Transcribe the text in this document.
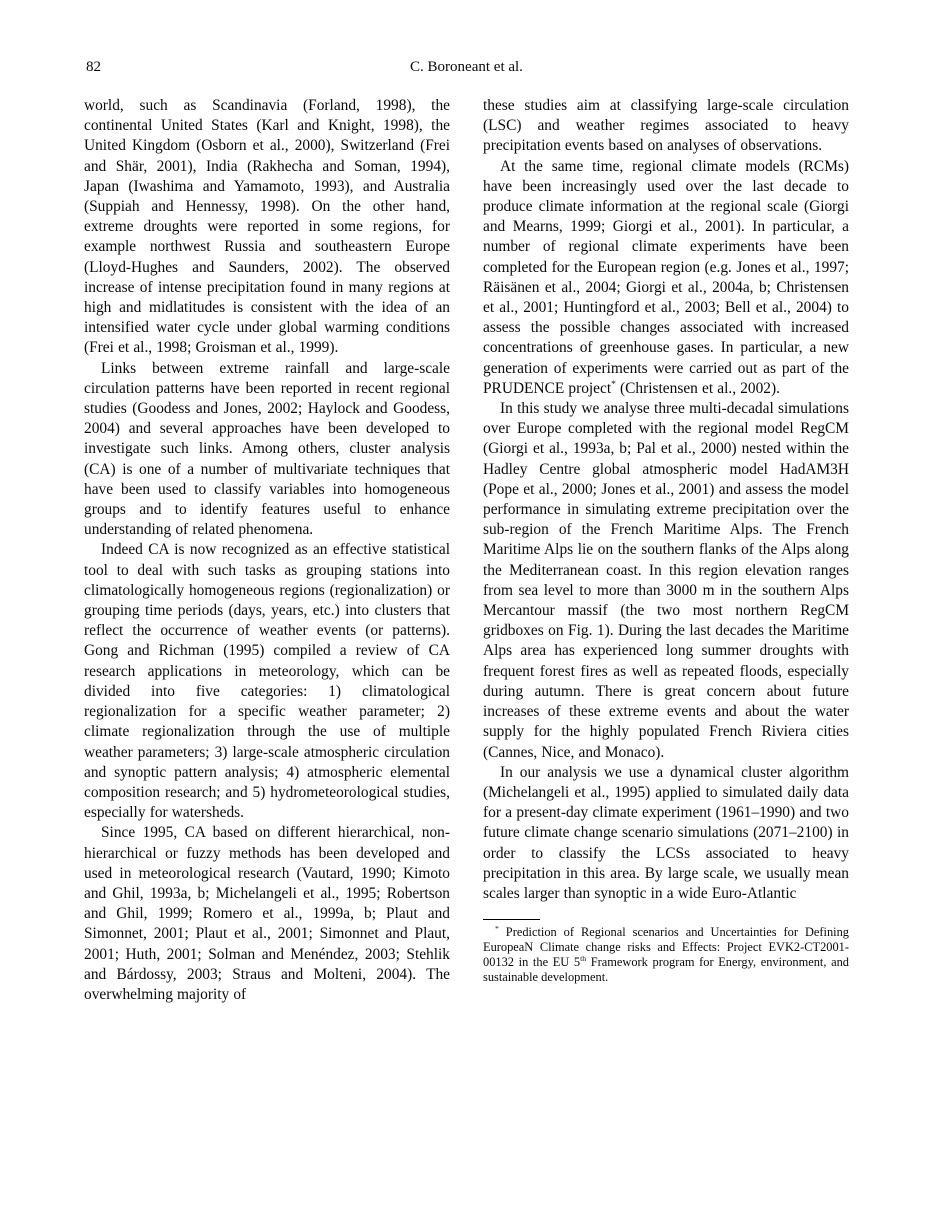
82	C. Boroneant et al.

world, such as Scandinavia (Forland, 1998), the continental United States (Karl and Knight, 1998), the United Kingdom (Osborn et al., 2000), Switzerland (Frei and Shär, 2001), India (Rakhecha and Soman, 1994), Japan (Iwashima and Yamamoto, 1993), and Australia (Suppiah and Hennessy, 1998). On the other hand, extreme droughts were reported in some regions, for example northwest Russia and southeastern Europe (Lloyd-Hughes and Saunders, 2002). The observed increase of intense precipitation found in many regions at high and midlatitudes is consistent with the idea of an intensified water cycle under global warming conditions (Frei et al., 1998; Groisman et al., 1999).

Links between extreme rainfall and large-scale circulation patterns have been reported in recent regional studies (Goodess and Jones, 2002; Haylock and Goodess, 2004) and several approaches have been developed to investigate such links. Among others, cluster analysis (CA) is one of a number of multivariate techniques that have been used to classify variables into homogeneous groups and to identify features useful to enhance understanding of related phenomena.

Indeed CA is now recognized as an effective statistical tool to deal with such tasks as grouping stations into climatologically homogeneous regions (regionalization) or grouping time periods (days, years, etc.) into clusters that reflect the occurrence of weather events (or patterns). Gong and Richman (1995) compiled a review of CA research applications in meteorology, which can be divided into five categories: 1) climatological regionalization for a specific weather parameter; 2) climate regionalization through the use of multiple weather parameters; 3) large-scale atmospheric circulation and synoptic pattern analysis; 4) atmospheric elemental composition research; and 5) hydrometeorological studies, especially for watersheds.

Since 1995, CA based on different hierarchical, non-hierarchical or fuzzy methods has been developed and used in meteorological research (Vautard, 1990; Kimoto and Ghil, 1993a, b; Michelangeli et al., 1995; Robertson and Ghil, 1999; Romero et al., 1999a, b; Plaut and Simonnet, 2001; Plaut et al., 2001; Simonnet and Plaut, 2001; Huth, 2001; Solman and Menéndez, 2003; Stehlik and Bárdossy, 2003; Straus and Molteni, 2004). The overwhelming majority of

these studies aim at classifying large-scale circulation (LSC) and weather regimes associated to heavy precipitation events based on analyses of observations.

At the same time, regional climate models (RCMs) have been increasingly used over the last decade to produce climate information at the regional scale (Giorgi and Mearns, 1999; Giorgi et al., 2001). In particular, a number of regional climate experiments have been completed for the European region (e.g. Jones et al., 1997; Räisänen et al., 2004; Giorgi et al., 2004a, b; Christensen et al., 2001; Huntingford et al., 2003; Bell et al., 2004) to assess the possible changes associated with increased concentrations of greenhouse gases. In particular, a new generation of experiments were carried out as part of the PRUDENCE project* (Christensen et al., 2002).

In this study we analyse three multi-decadal simulations over Europe completed with the regional model RegCM (Giorgi et al., 1993a, b; Pal et al., 2000) nested within the Hadley Centre global atmospheric model HadAM3H (Pope et al., 2000; Jones et al., 2001) and assess the model performance in simulating extreme precipitation over the sub-region of the French Maritime Alps. The French Maritime Alps lie on the southern flanks of the Alps along the Mediterranean coast. In this region elevation ranges from sea level to more than 3000 m in the southern Alps Mercantour massif (the two most northern RegCM gridboxes on Fig. 1). During the last decades the Maritime Alps area has experienced long summer droughts with frequent forest fires as well as repeated floods, especially during autumn. There is great concern about future increases of these extreme events and about the water supply for the highly populated French Riviera cities (Cannes, Nice, and Monaco).

In our analysis we use a dynamical cluster algorithm (Michelangeli et al., 1995) applied to simulated daily data for a present-day climate experiment (1961–1990) and two future climate change scenario simulations (2071–2100) in order to classify the LCSs associated to heavy precipitation in this area. By large scale, we usually mean scales larger than synoptic in a wide Euro-Atlantic

* Prediction of Regional scenarios and Uncertainties for Defining EuropeaN Climate change risks and Effects: Project EVK2-CT2001-00132 in the EU 5th Framework program for Energy, environment, and sustainable development.
